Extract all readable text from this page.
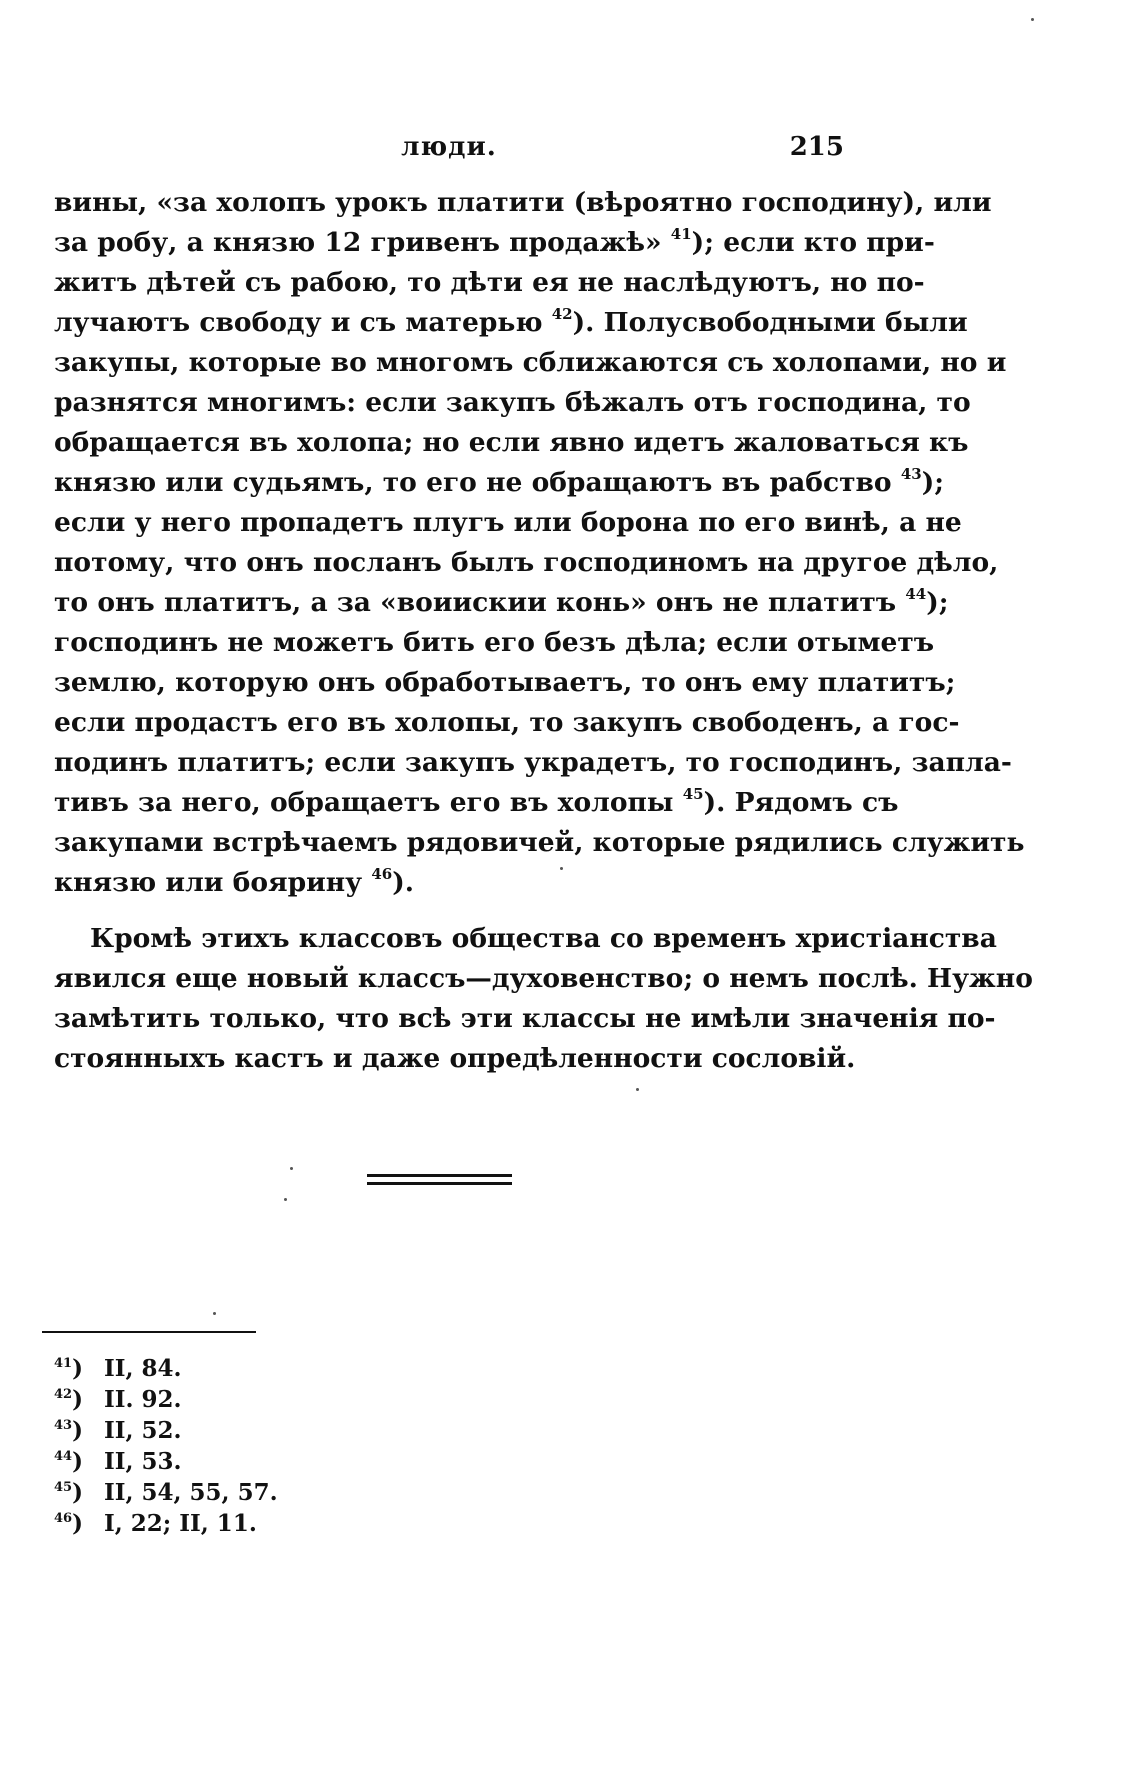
люди.	215
вины, «за холопъ урокъ платити (вѣроятно господину), или
за робу, а князю 12 гривенъ продажѣ» $^{41}$); если кто при-
житъ дѣтей съ рабою, то дѣти ея не наслѣдуютъ, но по-
лучаютъ свободу и съ матерью $^{42}$). Полусвободными были
закупы, которые во многомъ сближаются съ холопами, но и
разнятся многимъ: если закупъ бѣжалъ отъ господина, то
обращается въ холопа; но если явно идетъ жаловаться къ
князю или судьямъ, то его не обращаютъ въ рабство $^{43}$);
если у него пропадетъ плугъ или борона по его винѣ, а не
потому, что онъ посланъ былъ господиномъ на другое дѣло,
то онъ платитъ, а за «воиискии конь» онъ не платитъ $^{44}$);
господинъ не можетъ бить его безъ дѣла; если отыметъ
землю, которую онъ обработываетъ, то онъ ему платитъ;
если продастъ его въ холопы, то закупъ свободенъ, а гос-
подинъ платитъ; если закупъ украдетъ, то господинъ, запла-
тивъ за него, обращаетъ его въ холопы $^{45}$). Рядомъ съ
закупами встрѣчаемъ рядовичей, которые рядились служить
князю или боярину $^{46}$).
Кромѣ этихъ классовъ общества со временъ христіанства
явился еще новый классъ—духовенство; о немъ послѣ. Нужно
замѣтить только, что всѣ эти классы не имѣли значенія по-
стоянныхъ кастъ и даже опредѣленности сословій.
$^{41}$) II, 84.
$^{42}$) II. 92.
$^{43}$) II, 52.
$^{44}$) II, 53.
$^{45}$) II, 54, 55, 57.
$^{46}$) I, 22; II, 11.
